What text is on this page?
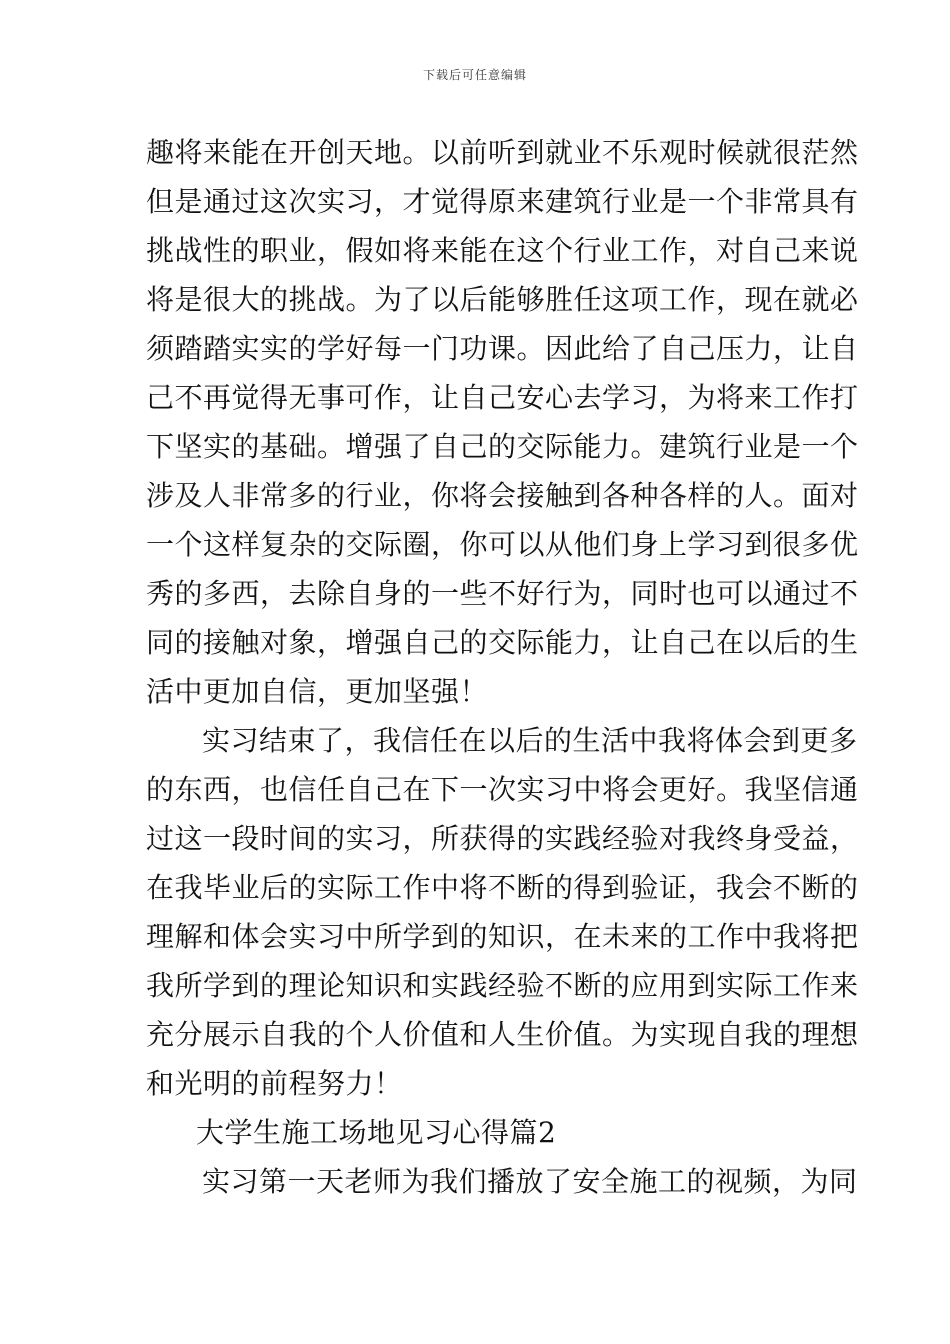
下载后可任意编辑
趣将来能在开创天地。以前听到就业不乐观时候就很茫然
但是通过这次实习，才觉得原来建筑行业是一个非常具有
挑战性的职业，假如将来能在这个行业工作，对自己来说
将是很大的挑战。为了以后能够胜任这项工作，现在就必
须踏踏实实的学好每一门功课。因此给了自己压力，让自
己不再觉得无事可作，让自己安心去学习，为将来工作打
下坚实的基础。增强了自己的交际能力。建筑行业是一个
涉及人非常多的行业，你将会接触到各种各样的人。面对
一个这样复杂的交际圈，你可以从他们身上学习到很多优
秀的多西，去除自身的一些不好行为，同时也可以通过不
同的接触对象，增强自己的交际能力，让自己在以后的生
活中更加自信，更加坚强！
实习结束了，我信任在以后的生活中我将体会到更多
的东西，也信任自己在下一次实习中将会更好。我坚信通
过这一段时间的实习，所获得的实践经验对我终身受益，
在我毕业后的实际工作中将不断的得到验证，我会不断的
理解和体会实习中所学到的知识，在未来的工作中我将把
我所学到的理论知识和实践经验不断的应用到实际工作来
充分展示自我的个人价值和人生价值。为实现自我的理想
和光明的前程努力！
大学生施工场地见习心得篇2
实习第一天老师为我们播放了安全施工的视频，为同
